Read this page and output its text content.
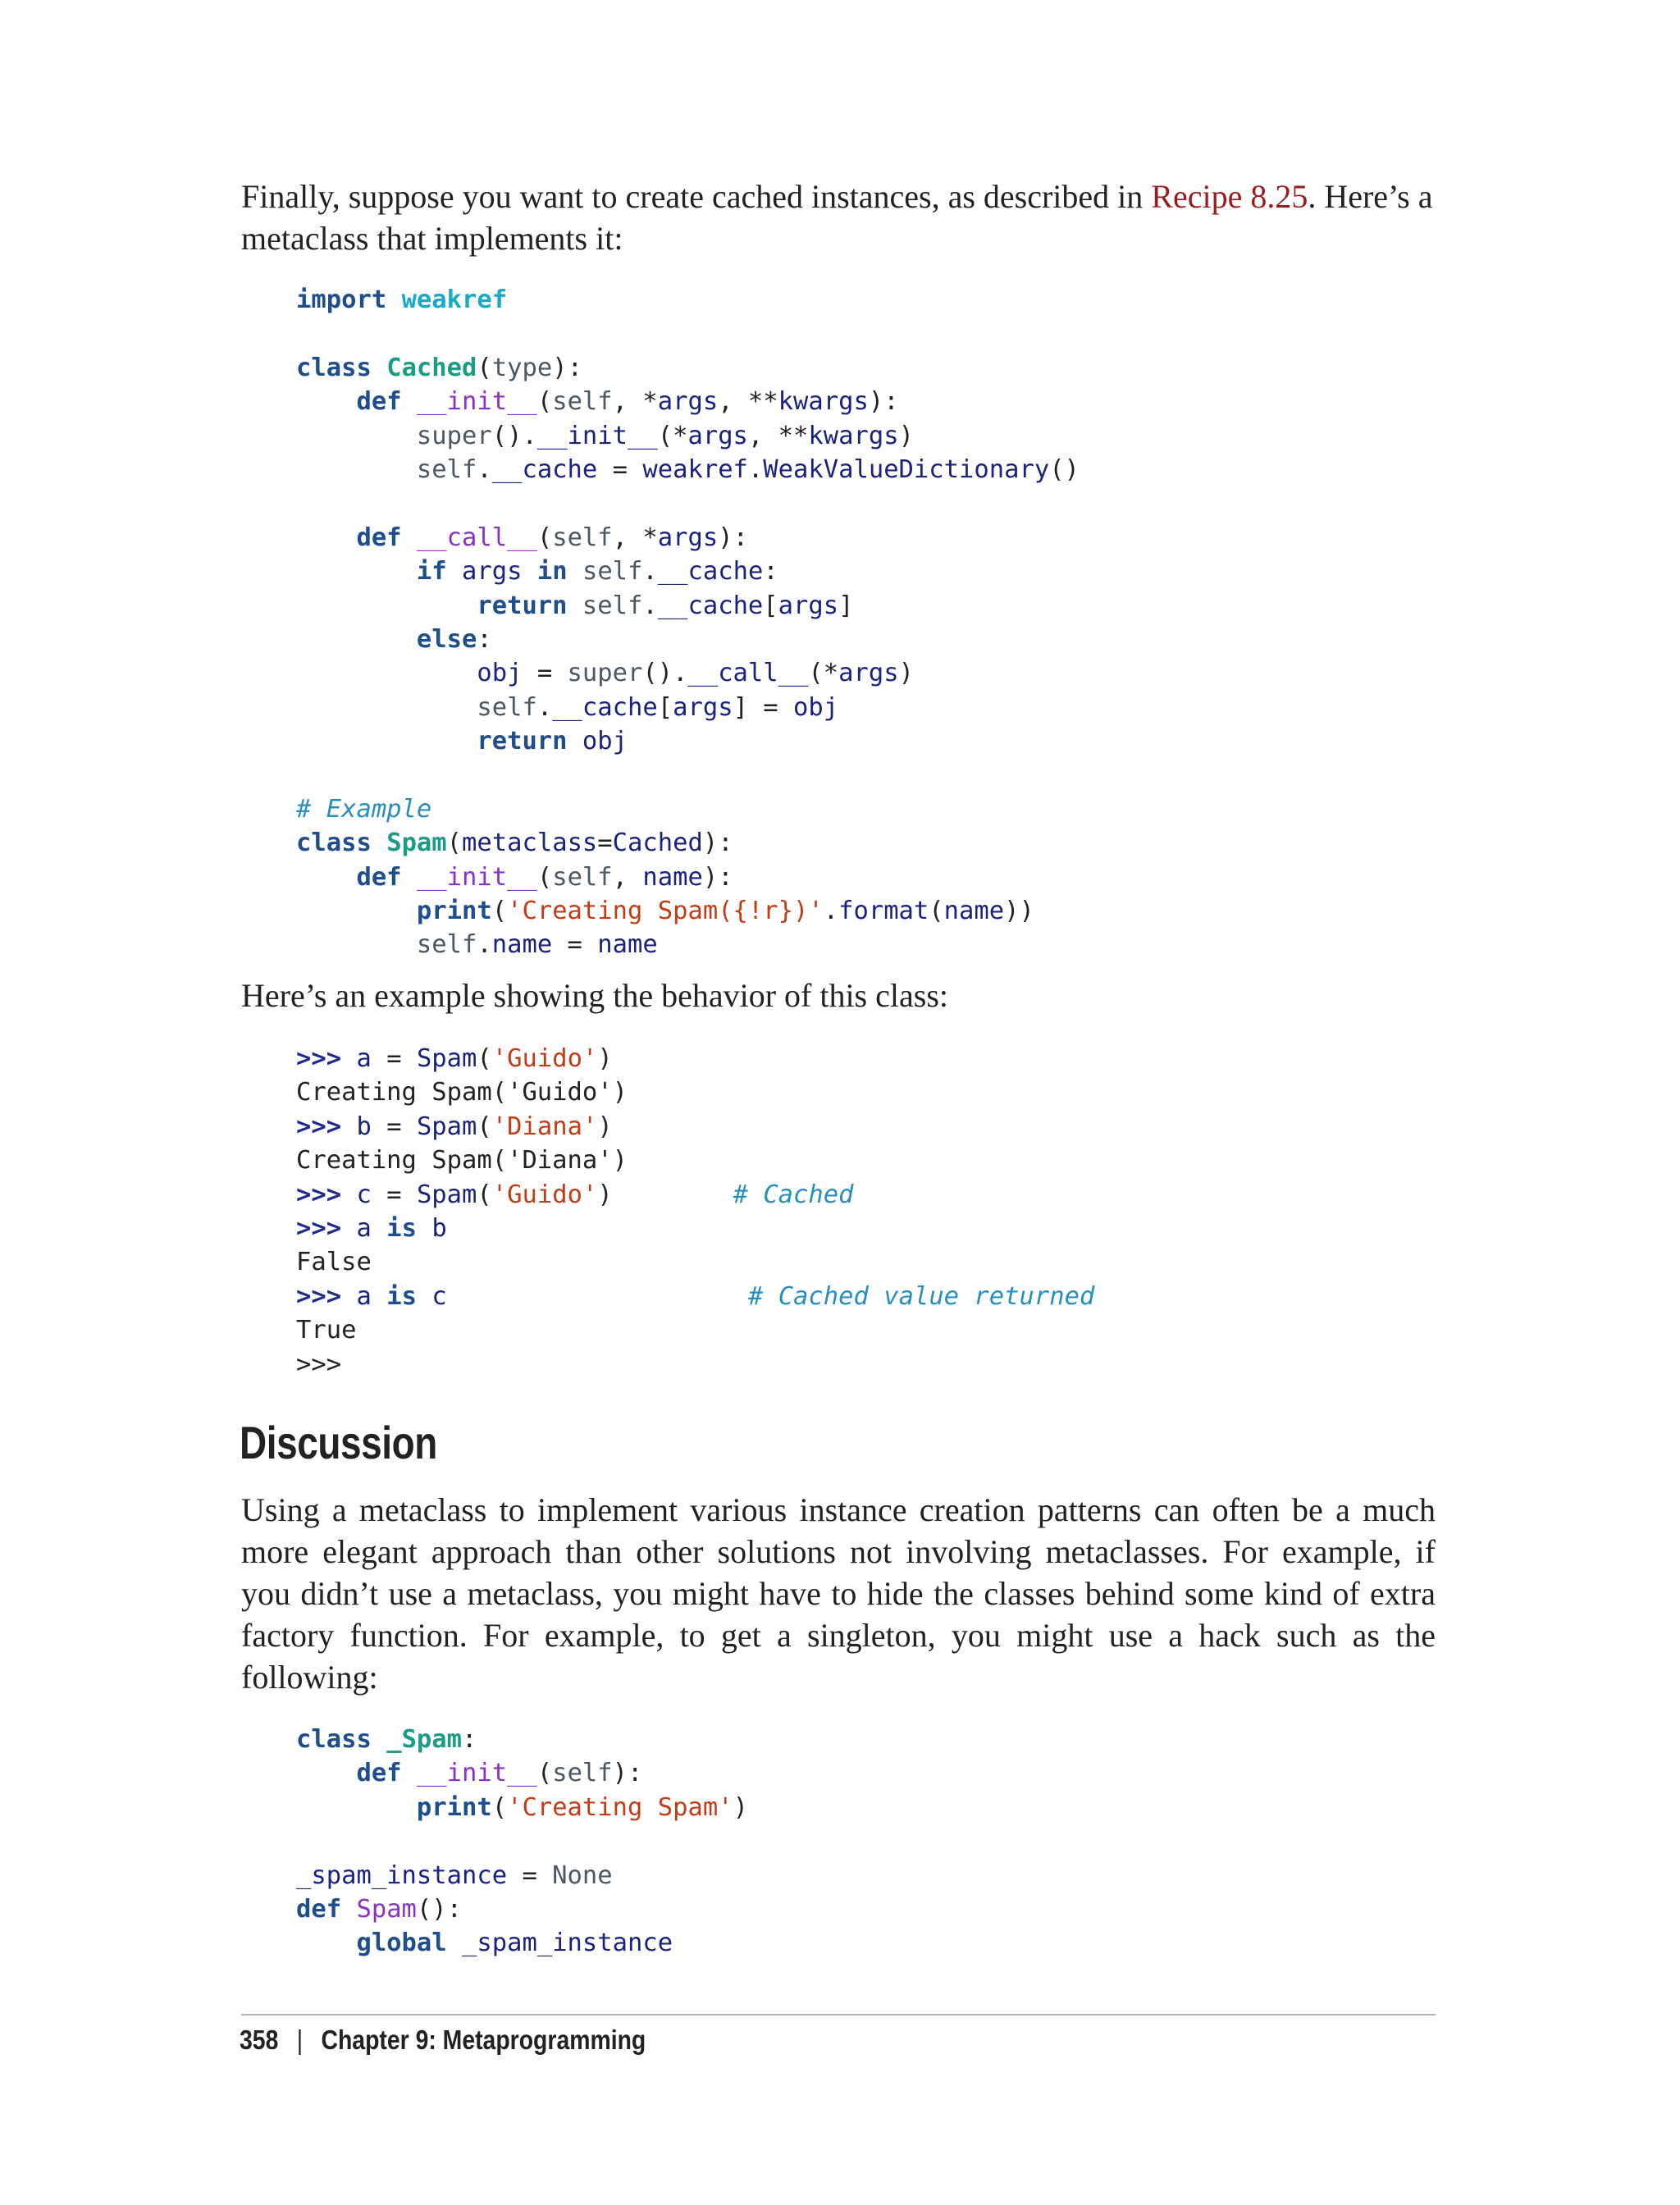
Finally, suppose you want to create cached instances, as described in Recipe 8.25. Here’s a metaclass that implements it:

import weakref
class Cached(type):
def __init__(self, *args, **kwargs):
super().__init__(*args, **kwargs)
self.__cache = weakref.WeakValueDictionary()
def __call__(self, *args):
if args in self.__cache:
return self.__cache[args]
else:
obj = super().__call__(*args)
self.__cache[args] = obj
return obj
# Example
class Spam(metaclass=Cached):
def __init__(self, name):
print('Creating Spam({!r})'.format(name))
self.name = name

Here’s an example showing the behavior of this class:

>>> a = Spam('Guido')
Creating Spam('Guido')
>>> b = Spam('Diana')
Creating Spam('Diana')
>>> c = Spam('Guido')	# Cached
>>> a is b
False
>>> a is c	# Cached value returned
True
>>>
Discussion
Using a metaclass to implement various instance creation patterns can often be a much
more elegant approach than other solutions not involving metaclasses. For example, if
you didn’t use a metaclass, you might have to hide the classes behind some kind of extra
factory function. For example, to get a singleton, you might use a hack such as the
following:
class _Spam:
def __init__(self):
print('Creating Spam')
_spam_instance = None
def Spam():
global _spam_instance
358 | Chapter 9: Metaprogramming
